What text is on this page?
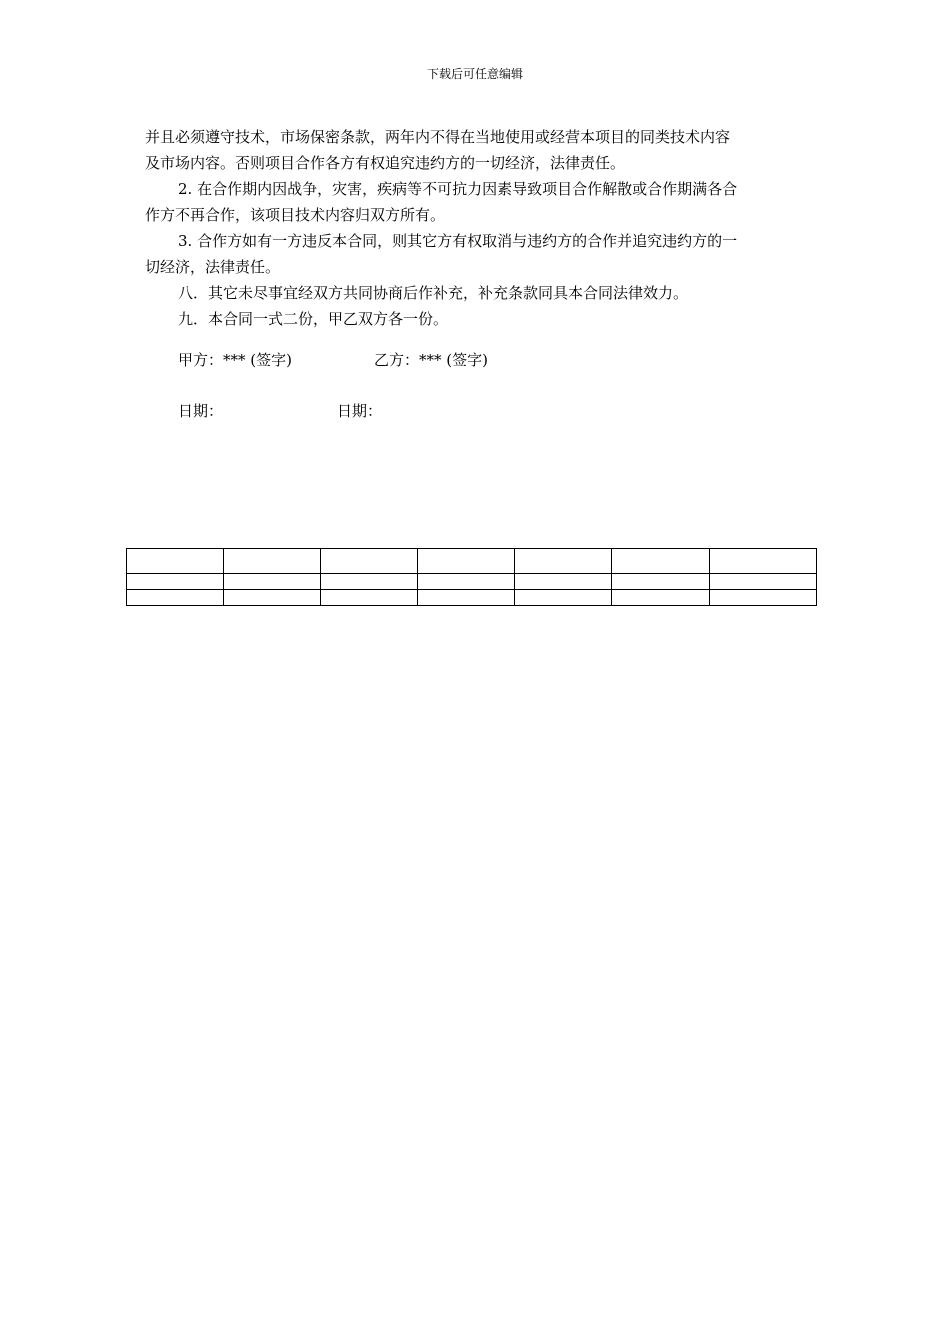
下载后可任意编辑

并且必须遵守技术，市场保密条款，两年内不得在当地使用或经营本项目的同类技术内容

及市场内容。否则项目合作各方有权追究违约方的一切经济，法律责任。

2. 在合作期内因战争，灾害，疾病等不可抗力因素导致项目合作解散或合作期满各合

作方不再合作，该项目技术内容归双方所有。

3. 合作方如有一方违反本合同，则其它方有权取消与违约方的合作并追究违约方的一

切经济，法律责任。

八．其它未尽事宜经双方共同协商后作补充，补充条款同具本合同法律效力。

九．本合同一式二份，甲乙双方各一份。

甲方：*** (签字)	乙方：*** (签字)
日期：	日期：
